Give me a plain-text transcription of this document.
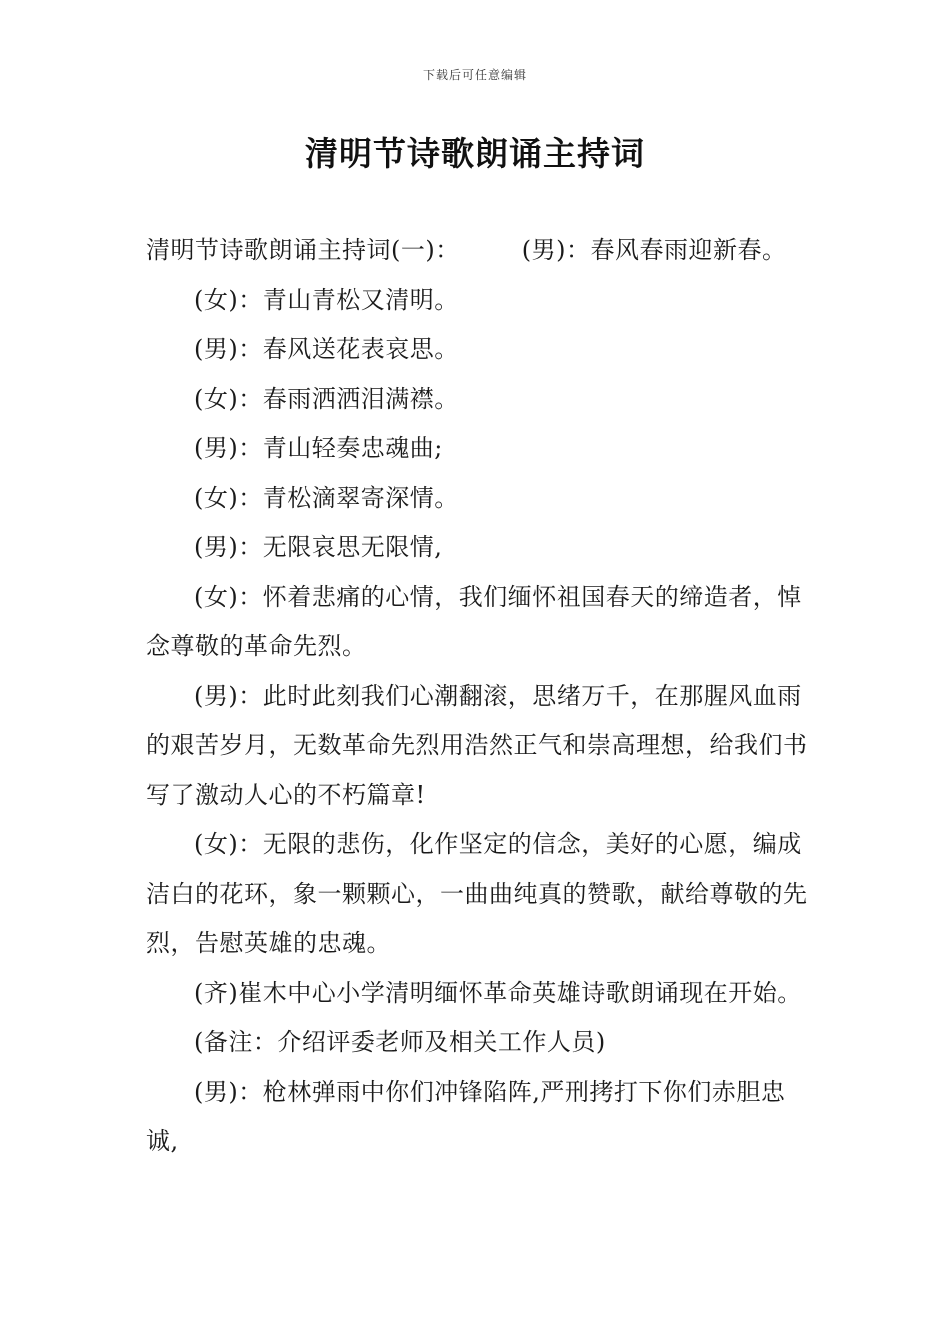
下载后可任意编辑
清明节诗歌朗诵主持词

清明节诗歌朗诵主持词(一)：	(男)：春风春雨迎新春。

(女)：青山青松又清明。

(男)：春风送花表哀思。

(女)：春雨洒洒泪满襟。

(男)：青山轻奏忠魂曲;

(女)：青松滴翠寄深情。

(男)：无限哀思无限情,

(女)：怀着悲痛的心情，我们缅怀祖国春天的缔造者，悼念尊敬的革命先烈。

(男)：此时此刻我们心潮翻滚，思绪万千，在那腥风血雨的艰苦岁月，无数革命先烈用浩然正气和崇高理想，给我们书写了激动人心的不朽篇章!

(女)：无限的悲伤，化作坚定的信念，美好的心愿，编成洁白的花环，象一颗颗心，一曲曲纯真的赞歌，献给尊敬的先烈，告慰英雄的忠魂。

(齐)崔木中心小学清明缅怀革命英雄诗歌朗诵现在开始。

(备注：介绍评委老师及相关工作人员)

(男)：枪林弹雨中你们冲锋陷阵,严刑拷打下你们赤胆忠诚,
